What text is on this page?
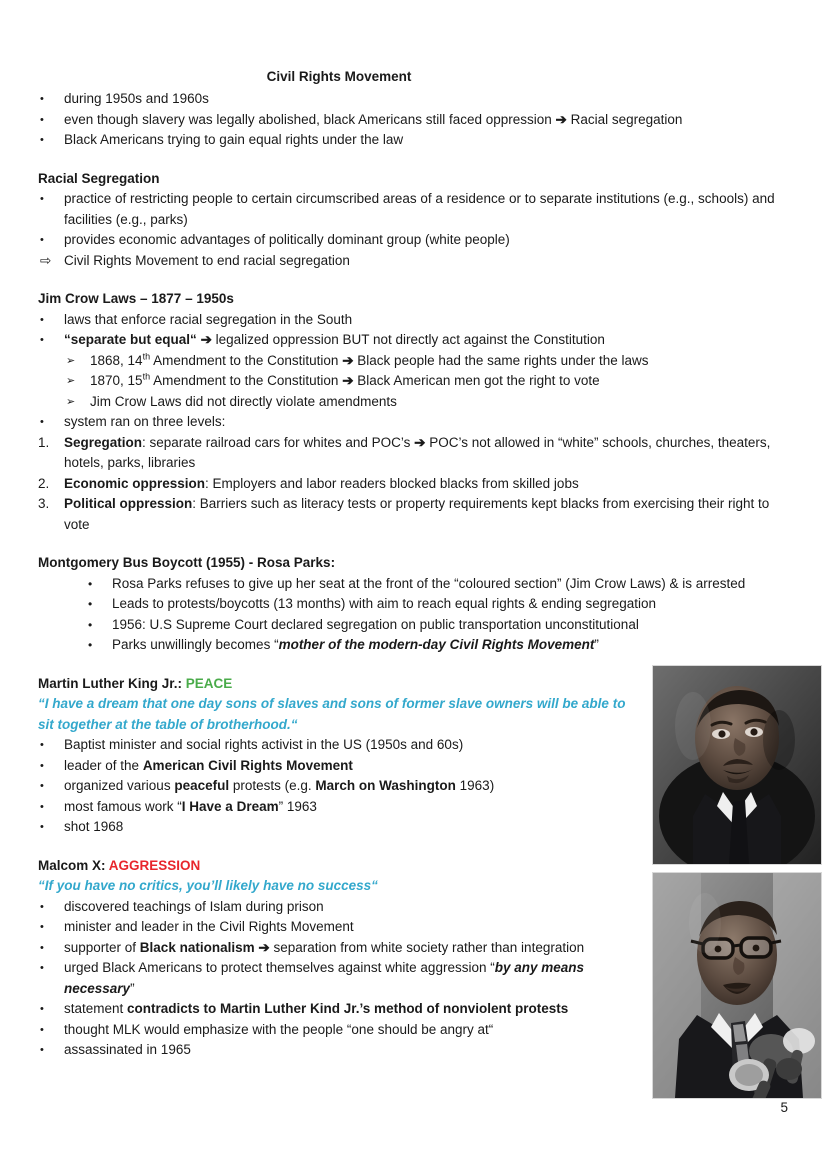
Civil Rights Movement
•	during 1950s and 1960s
•	even though slavery was legally abolished, black Americans still faced oppression ➔ Racial segregation
•	Black Americans trying to gain equal rights under the law
Racial Segregation
•	practice of restricting people to certain circumscribed areas of a residence or to separate institutions (e.g., schools) and facilities (e.g., parks)
•	provides economic advantages of politically dominant group (white people)
⇨ Civil Rights Movement to end racial segregation
Jim Crow Laws – 1877 – 1950s
•	laws that enforce racial segregation in the South
•	“separate but equal“ ➔ legalized oppression BUT not directly act against the Constitution
➢ 1868, 14th Amendment to the Constitution ➔ Black people had the same rights under the laws
➢ 1870, 15th Amendment to the Constitution ➔ Black American men got the right to vote
➢ Jim Crow Laws did not directly violate amendments
•	system ran on three levels:
1. Segregation: separate railroad cars for whites and POC’s ➔ POC’s not allowed in “white” schools, churches, theaters, hotels, parks, libraries
2. Economic oppression: Employers and labor readers blocked blacks from skilled jobs
3. Political oppression: Barriers such as literacy tests or property requirements kept blacks from exercising their right to vote
Montgomery Bus Boycott (1955) - Rosa Parks:
• Rosa Parks refuses to give up her seat at the front of the “coloured section” (Jim Crow Laws) & is arrested
• Leads to protests/boycotts (13 months) with aim to reach equal rights & ending segregation
• 1956: U.S Supreme Court declared segregation on public transportation unconstitutional
• Parks unwillingly becomes “mother of the modern-day Civil Rights Movement”
Martin Luther King Jr.: PEACE
“I have a dream that one day sons of slaves and sons of former slave owners will be able to sit together at the table of brotherhood.“
•	Baptist minister and social rights activist in the US (1950s and 60s)
•	leader of the American Civil Rights Movement
•	organized various peaceful protests (e.g. March on Washington 1963)
•	most famous work “I Have a Dream” 1963
•	shot 1968
Malcom X: AGGRESSION
“If you have no critics, you’ll likely have no success“
•	discovered teachings of Islam during prison
•	minister and leader in the Civil Rights Movement
•	supporter of Black nationalism ➔ separation from white society rather than integration
•	urged Black Americans to protect themselves against white aggression “by any means necessary”
•	statement contradicts to Martin Luther Kind Jr.’s method of nonviolent protests
•	thought MLK would emphasize with the people “one should be angry at“
•	assassinated in 1965
5
